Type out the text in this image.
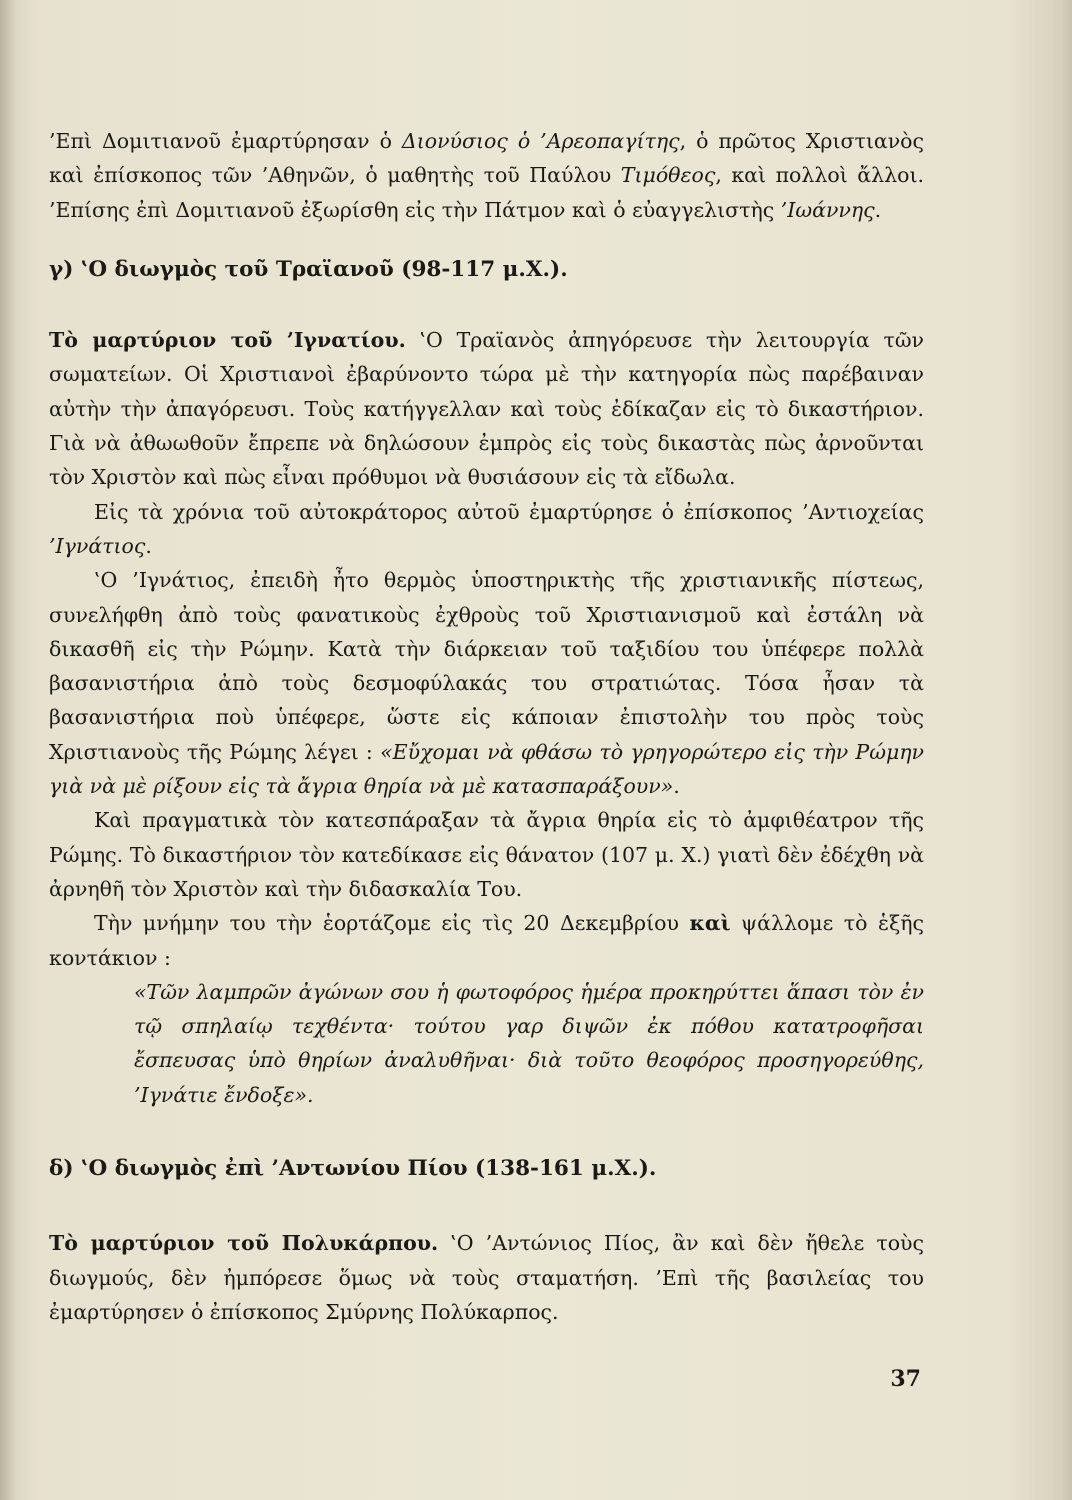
’Επὶ Δομιτιανοῦ ἐμαρτύρησαν ὁ Διονύσιος ὁ ’Αρεοπαγίτης, ὁ πρῶτος Χριστιανὸς καὶ ἐπίσκοπος τῶν ’Αθηνῶν, ὁ μαθητὴς τοῦ Παύλου Τιμόθεος, καὶ πολλοὶ ἄλλοι. ’Επίσης ἐπὶ Δομιτιανοῦ ἐξωρίσθη εἰς τὴν Πάτμον καὶ ὁ εὐαγγελιστὴς ’Ιωάννης.

γ) ‛Ο διωγμὸς τοῦ Τραϊανοῦ (98-117 μ.Χ.).

Τὸ μαρτύριον τοῦ ’Ιγνατίου. ‛Ο Τραϊανὸς ἀπηγόρευσε τὴν λειτουργία τῶν σωματείων. Οἱ Χριστιανοὶ ἐβαρύνοντο τώρα μὲ τὴν κατηγορία πὼς παρέβαιναν αὐτὴν τὴν ἀπαγόρευσι. Τοὺς κατήγγελλαν καὶ τοὺς ἐδίκαζαν εἰς τὸ δικαστήριον. Γιὰ νὰ ἀθωωθοῦν ἔπρεπε νὰ δηλώσουν ἐμπρὸς εἰς τοὺς δικαστὰς πὼς ἀρνοῦνται τὸν Χριστὸν καὶ πὼς εἶναι πρόθυμοι νὰ θυσιάσουν εἰς τὰ εἴδωλα.

Εἰς τὰ χρόνια τοῦ αὐτοκράτορος αὐτοῦ ἐμαρτύρησε ὁ ἐπίσκοπος ’Αντιοχείας ’Ιγνάτιος.

‛Ο ’Ιγνάτιος, ἐπειδὴ ἦτο θερμὸς ὑποστηρικτὴς τῆς χριστιανικῆς πίστεως, συνελήφθη ἀπὸ τοὺς φανατικοὺς ἐχθροὺς τοῦ Χριστιανισμοῦ καὶ ἐστάλη νὰ δικασθῆ εἰς τὴν Ρώμην. Κατὰ τὴν διάρκειαν τοῦ ταξιδίου του ὑπέφερε πολλὰ βασανιστήρια ἀπὸ τοὺς δεσμοφύλακάς του στρατιώτας. Τόσα ἦσαν τὰ βασανιστήρια ποὺ ὑπέφερε, ὥστε εἰς κάποιαν ἐπιστολὴν του πρὸς τοὺς Χριστιανοὺς τῆς Ρώμης λέγει : «Εὔχομαι νὰ φθάσω τὸ γρηγορώτερο εἰς τὴν Ρώμην γιὰ νὰ μὲ ρίξουν εἰς τὰ ἄγρια θηρία νὰ μὲ κατασπαράξουν».

Καὶ πραγματικὰ τὸν κατεσπάραξαν τὰ ἄγρια θηρία εἰς τὸ ἀμφιθέατρον τῆς Ρώμης. Τὸ δικαστήριον τὸν κατεδίκασε εἰς θάνατον (107 μ. Χ.) γιατὶ δὲν ἐδέχθη νὰ ἀρνηθῆ τὸν Χριστὸν καὶ τὴν διδασκαλία Του.

Τὴν μνήμην του τὴν ἑορτάζομε εἰς τὶς 20 Δεκεμβρίου καὶ ψάλλομε τὸ ἑξῆς κοντάκιον :

«Τῶν λαμπρῶν ἀγώνων σου ἡ φωτοφόρος ἡμέρα προκηρύττει ἅπασι τὸν ἐν τῷ σπηλαίῳ τεχθέντα· τούτου γαρ διψῶν ἐκ πόθου κατατροφῆσαι ἔσπευσας ὑπὸ θηρίων ἀναλυθῆναι· διὰ τοῦτο θεοφόρος προσηγορεύθης, ’Ιγνάτιε ἔνδοξε».

δ) ‛Ο διωγμὸς ἐπὶ ’Αντωνίου Πίου (138-161 μ.Χ.).

Τὸ μαρτύριον τοῦ Πολυκάρπου. ‛Ο ’Αντώνιος Πίος, ἂν καὶ δὲν ἤθελε τοὺς διωγμούς, δὲν ἠμπόρεσε ὅμως νὰ τοὺς σταματήση. ’Επὶ τῆς βασιλείας του ἐμαρτύρησεν ὁ ἐπίσκοπος Σμύρνης Πολύκαρπος.

37
